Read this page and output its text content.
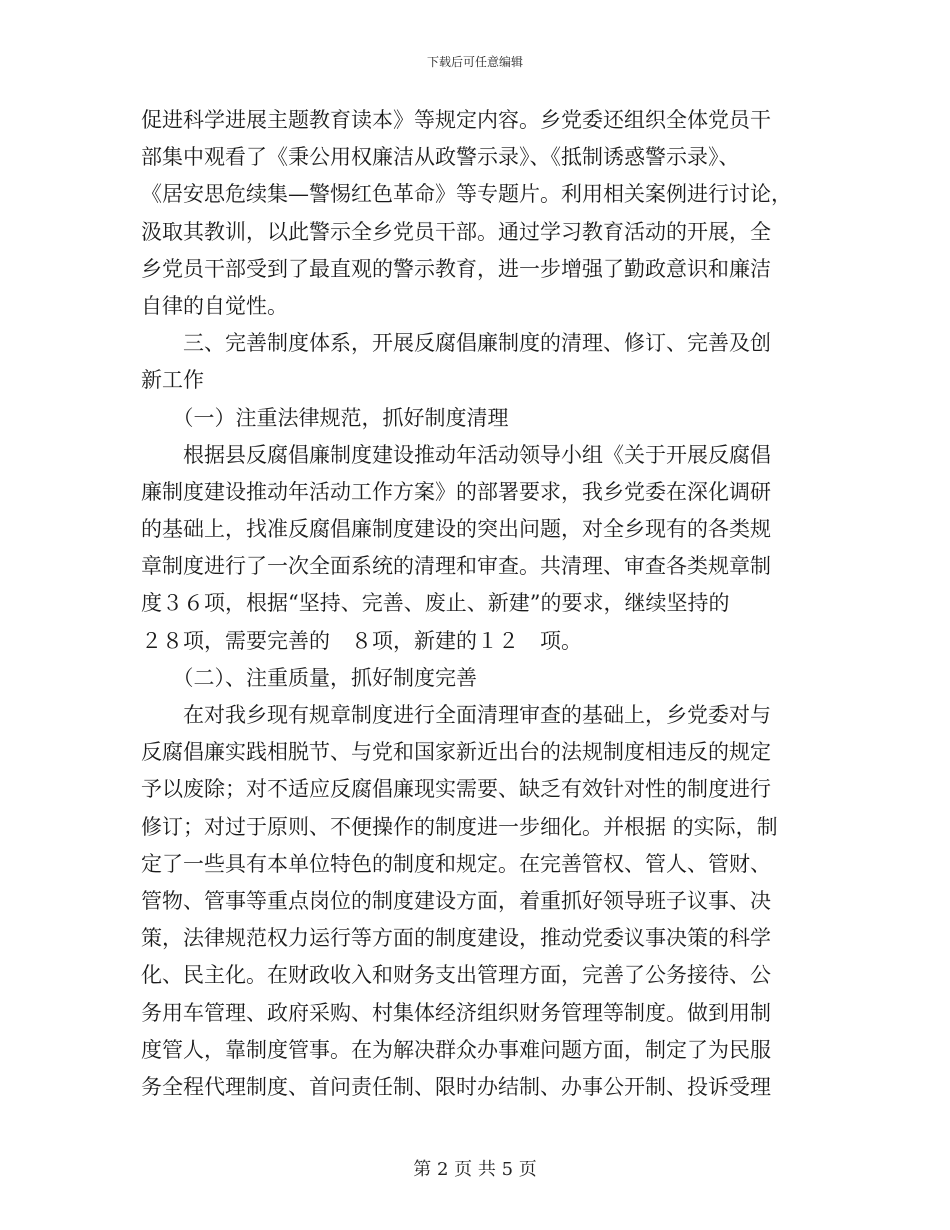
下载后可任意编辑
促进科学进展主题教育读本》等规定内容。乡党委还组织全体党员干
部集中观看了《秉公用权廉洁从政警示录》、《抵制诱惑警示录》、
《居安思危续集—警惕红色革命》等专题片。利用相关案例进行讨论，
汲取其教训，以此警示全乡党员干部。通过学习教育活动的开展，全
乡党员干部受到了最直观的警示教育，进一步增强了勤政意识和廉洁
自律的自觉性。
　　三、完善制度体系，开展反腐倡廉制度的清理、修订、完善及创
新工作
　　（一）注重法律规范，抓好制度清理
　　根据县反腐倡廉制度建设推动年活动领导小组《关于开展反腐倡
廉制度建设推动年活动工作方案》的部署要求，我乡党委在深化调研
的基础上，找准反腐倡廉制度建设的突出问题，对全乡现有的各类规
章制度进行了一次全面系统的清理和审查。共清理、审查各类规章制
度３６项，根据“坚持、完善、废止、新建”的要求，继续坚持的
２８项，需要完善的　８项，新建的１２　项。
　　（二）、注重质量，抓好制度完善
　　在对我乡现有规章制度进行全面清理审查的基础上，乡党委对与
反腐倡廉实践相脱节、与党和国家新近出台的法规制度相违反的规定
予以废除；对不适应反腐倡廉现实需要、缺乏有效针对性的制度进行
修订；对过于原则、不便操作的制度进一步细化。并根据 的实际，制
定了一些具有本单位特色的制度和规定。在完善管权、管人、管财、
管物、管事等重点岗位的制度建设方面，着重抓好领导班子议事、决
策，法律规范权力运行等方面的制度建设，推动党委议事决策的科学
化、民主化。在财政收入和财务支出管理方面，完善了公务接待、公
务用车管理、政府采购、村集体经济组织财务管理等制度。做到用制
度管人，靠制度管事。在为解决群众办事难问题方面，制定了为民服
务全程代理制度、首问责任制、限时办结制、办事公开制、投诉受理
第 2 页 共 5 页
